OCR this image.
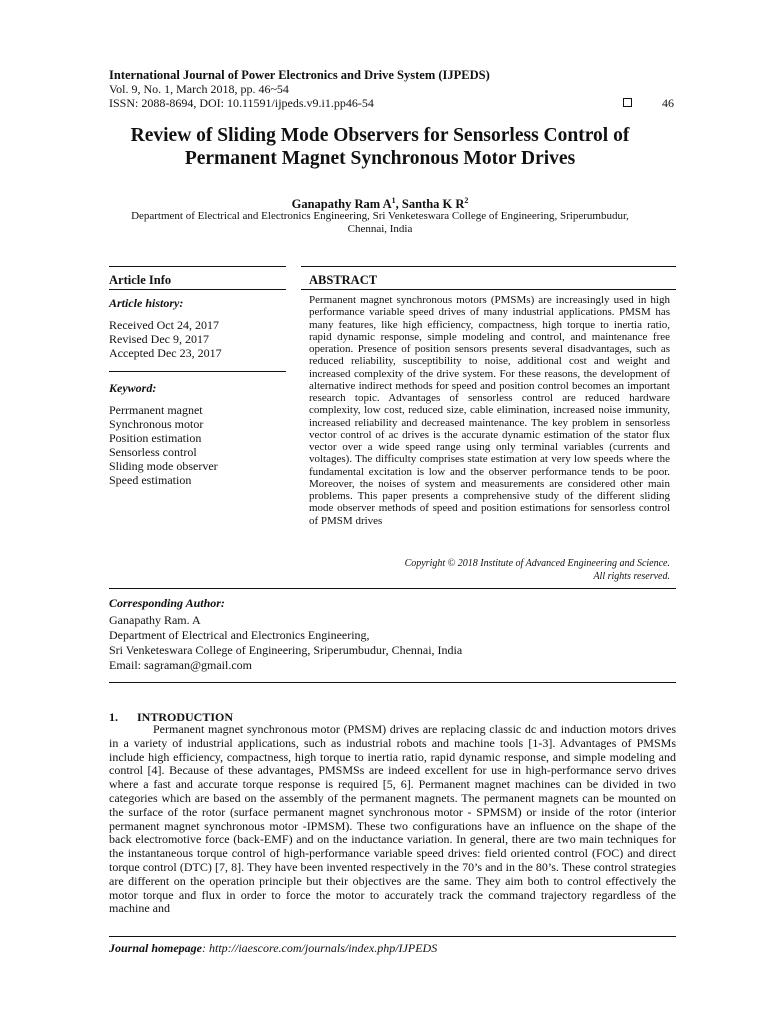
International Journal of Power Electronics and Drive System (IJPEDS)
Vol. 9, No. 1, March 2018, pp. 46~54
ISSN: 2088-8694, DOI: 10.11591/ijpeds.v9.i1.pp46-54	46
Review of Sliding Mode Observers for Sensorless Control of
Permanent Magnet Synchronous Motor Drives
Ganapathy Ram $A^1$, Santha K $R^2$
Department of Electrical and Electronics Engineering, Sri Venketeswara College of Engineering, Sriperumbudur,
Chennai, India
Article Info	ABSTRACT
Article history:
Received Oct 24, 2017
Revised Dec 9, 2017
Accepted Dec 23, 2017
Keyword:
Perrmanent magnet
Synchronous motor
Position estimation
Sensorless control
Sliding mode observer
Speed estimation
Permanent magnet synchronous motors (PMSMs) are increasingly used in high performance variable speed drives of many industrial applications. PMSM has many features, like high efficiency, compactness, high torque to inertia ratio, rapid dynamic response, simple modeling and control, and maintenance free operation. Presence of position sensors presents several disadvantages, such as reduced reliability, susceptibility to noise, additional cost and weight and increased complexity of the drive system. For these reasons, the development of alternative indirect methods for speed and position control becomes an important research topic. Advantages of sensorless control are reduced hardware complexity, low cost, reduced size, cable elimination, increased noise immunity, increased reliability and decreased maintenance. The key problem in sensorless vector control of ac drives is the accurate dynamic estimation of the stator flux vector over a wide speed range using only terminal variables (currents and voltages). The difficulty comprises state estimation at very low speeds where the fundamental excitation is low and the observer performance tends to be poor. Moreover, the noises of system and measurements are considered other main problems. This paper presents a comprehensive study of the different sliding mode observer methods of speed and position estimations for sensorless control of PMSM drives
Copyright © 2018 Institute of Advanced Engineering and Science.
All rights reserved.
Corresponding Author:
Ganapathy Ram. A
Department of Electrical and Electronics Engineering,
Sri Venketeswara College of Engineering, Sriperumbudur, Chennai, India
Email: sagraman@gmail.com
1. INTRODUCTION

Permanent magnet synchronous motor (PMSM) drives are replacing classic dc and induction motors drives in a variety of industrial applications, such as industrial robots and machine tools [1-3]. Advantages of PMSMs include high efficiency, compactness, high torque to inertia ratio, rapid dynamic response, and simple modeling and control [4]. Because of these advantages, PMSMSs are indeed excellent for use in high-performance servo drives where a fast and accurate torque response is required [5, 6]. Permanent magnet machines can be divided in two categories which are based on the assembly of the permanent magnets. The permanent magnets can be mounted on the surface of the rotor (surface permanent magnet synchronous motor - SPMSM) or inside of the rotor (interior permanent magnet synchronous motor -IPMSM). These two configurations have an influence on the shape of the back electromotive force (back-EMF) and on the inductance variation. In general, there are two main techniques for the instantaneous torque control of high-performance variable speed drives: field oriented control (FOC) and direct torque control (DTC) [7, 8]. They have been invented respectively in the 70’s and in the 80’s. These control strategies are different on the operation principle but their objectives are the same. They aim both to control effectively the motor torque and flux in order to force the motor to accurately track the command trajectory regardless of the machine and

Journal homepage: http://iaescore.com/journals/index.php/IJPEDS
